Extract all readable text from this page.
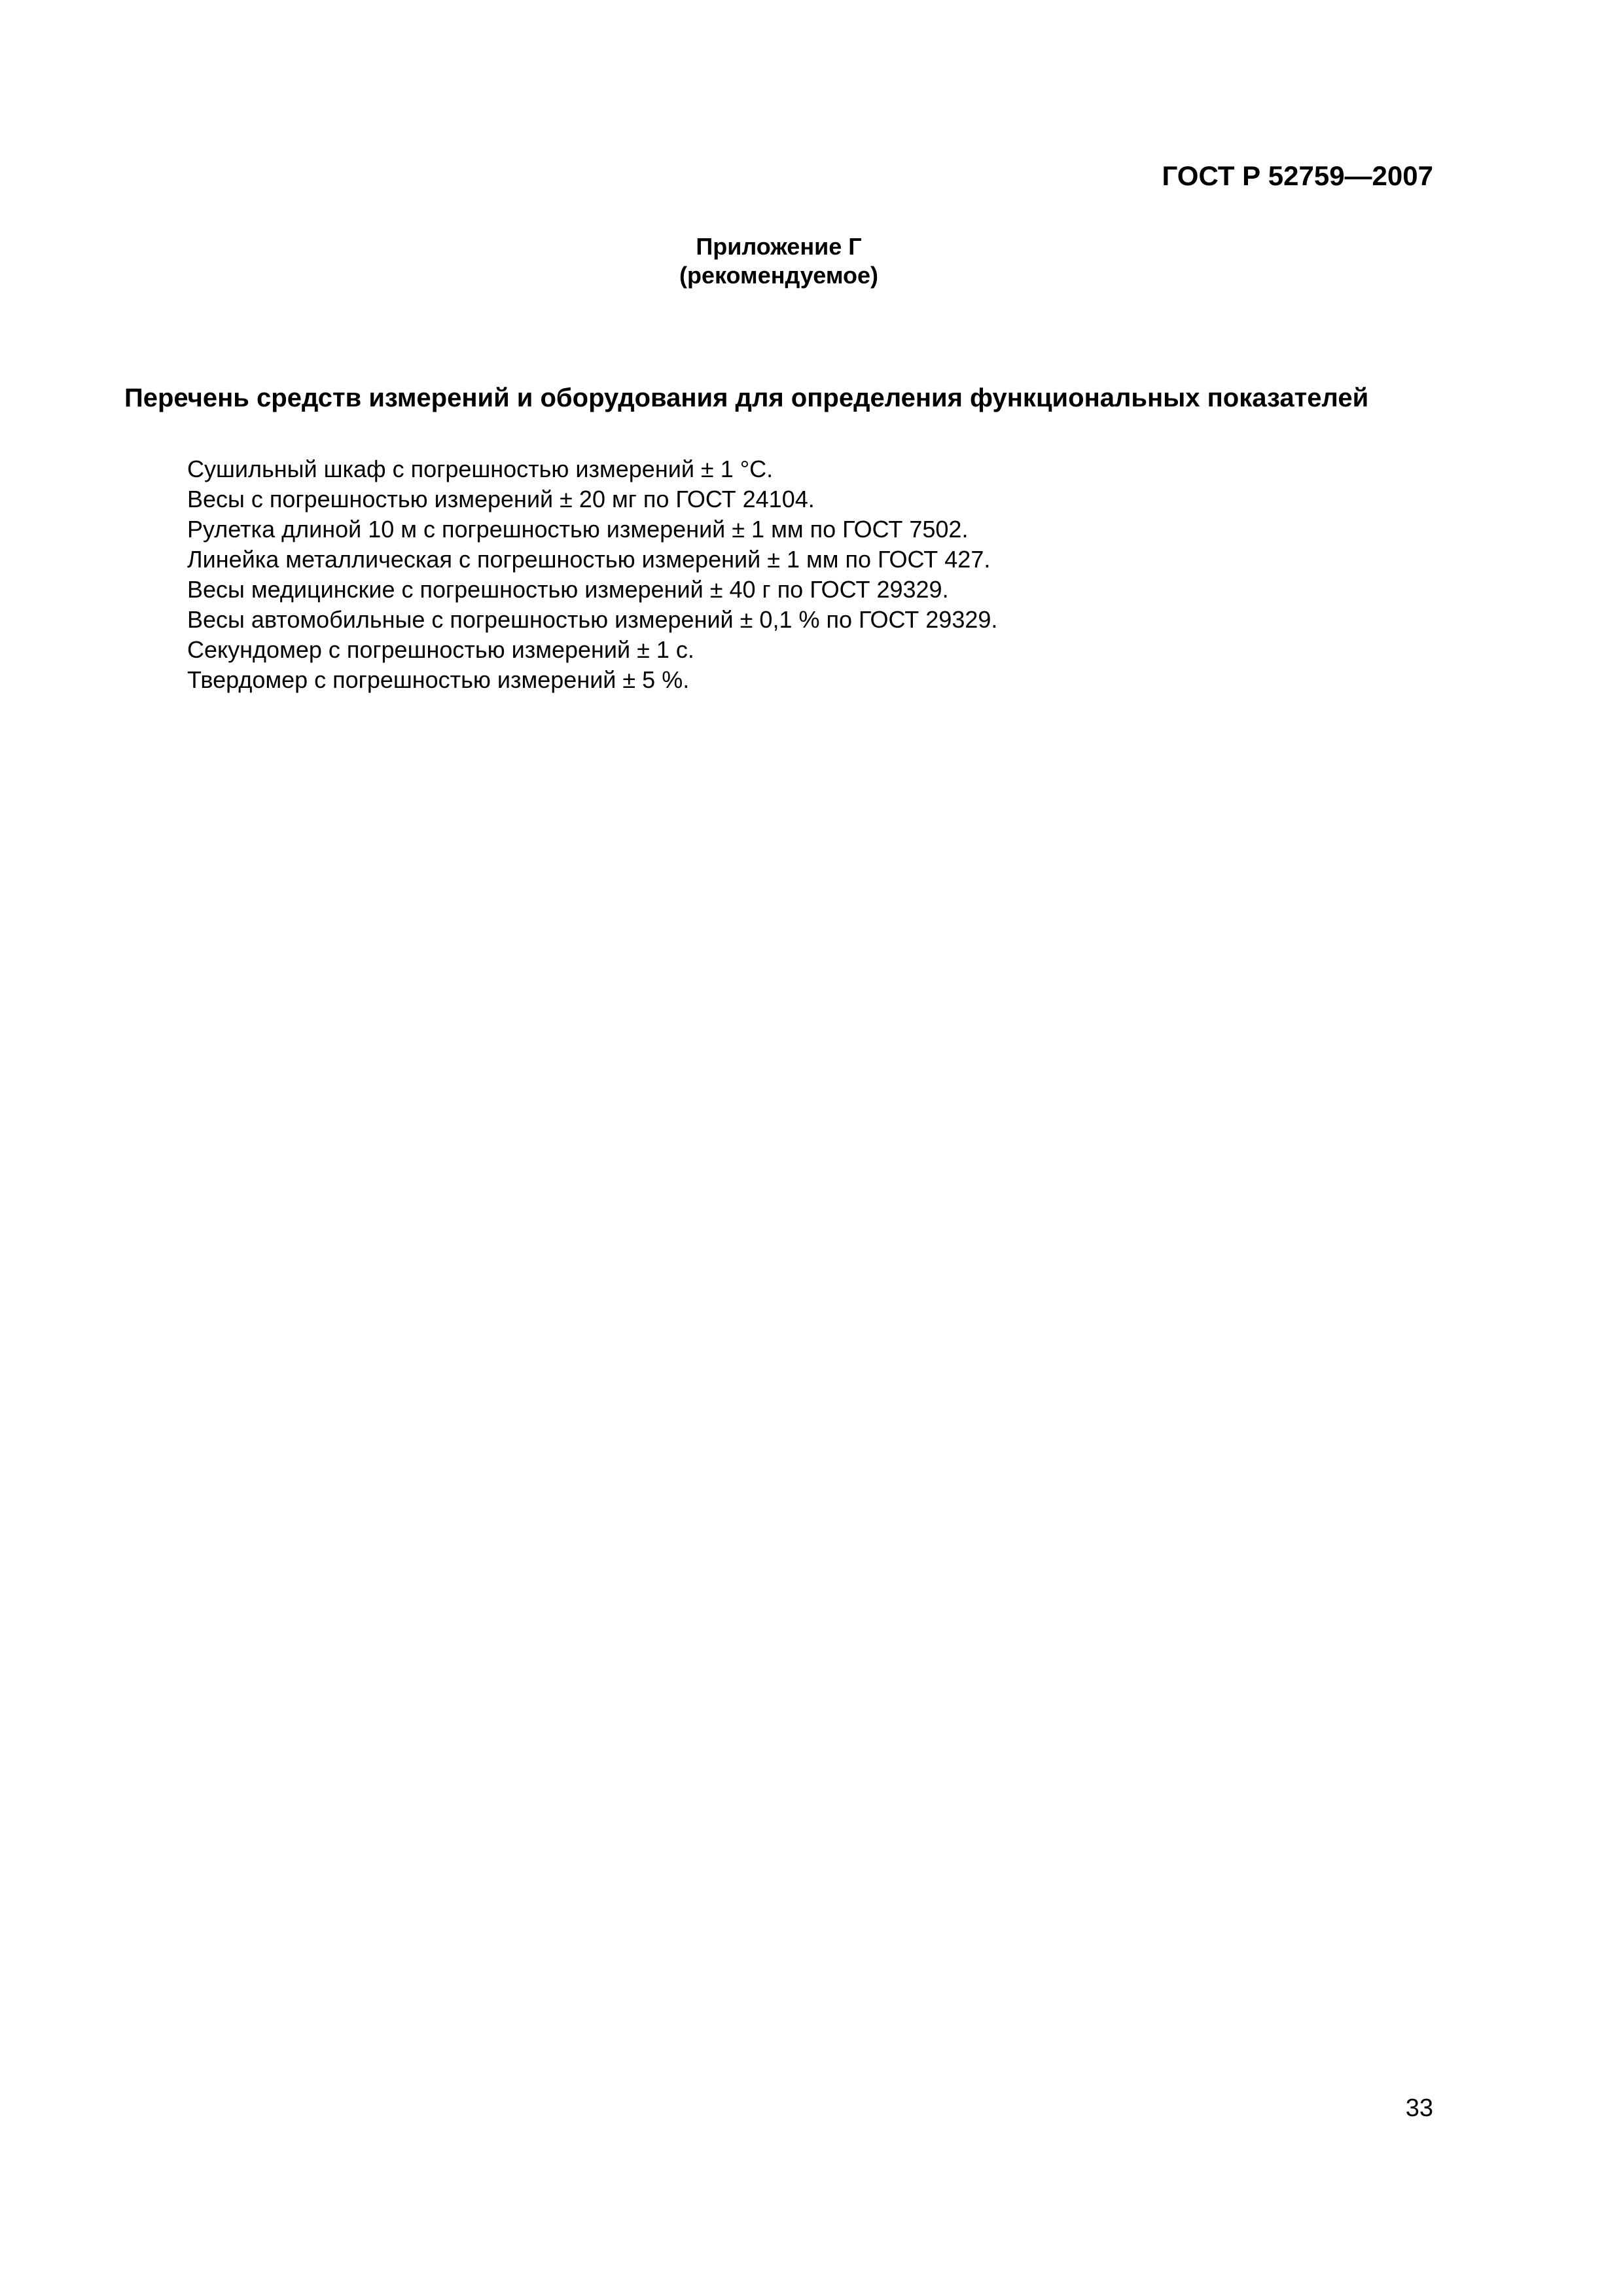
ГОСТ Р 52759—2007

Приложение Г
(рекомендуемое)
Перечень средств измерений и оборудования для определения функциональных показателей
Сушильный шкаф с погрешностью измерений ± 1 °С.
Весы с погрешностью измерений ± 20 мг по ГОСТ 24104.
Рулетка длиной 10 м с погрешностью измерений ± 1 мм по ГОСТ 7502.
Линейка металлическая с погрешностью измерений ± 1 мм по ГОСТ 427.
Весы медицинские с погрешностью измерений ± 40 г по ГОСТ 29329.
Весы автомобильные с погрешностью измерений ± 0,1 % по ГОСТ 29329.
Секундомер с погрешностью измерений ± 1 с.
Твердомер с погрешностью измерений ± 5 %.

33
